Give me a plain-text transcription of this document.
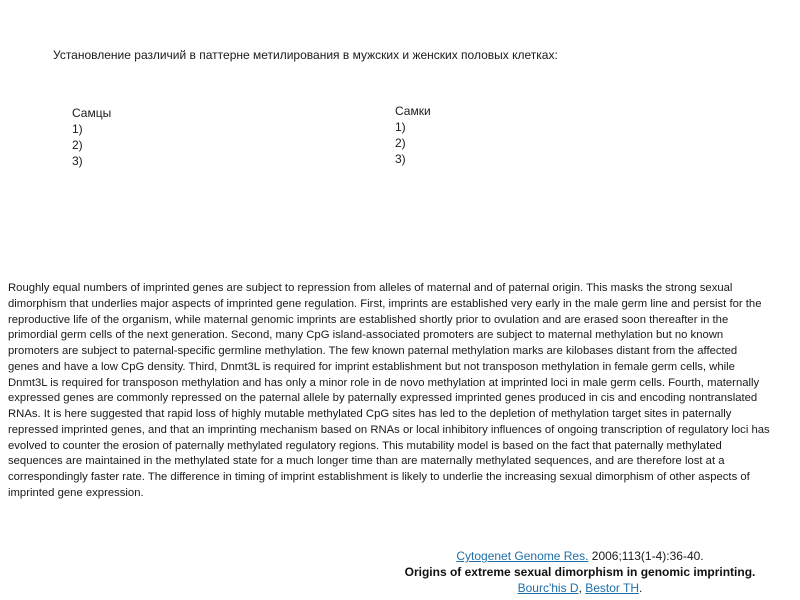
Установление различий в паттерне метилирования в мужских и женских половых клетках:
Самцы
1)
2)
3)
Самки
1)
2)
3)
Roughly equal numbers of imprinted genes are subject to repression from alleles of maternal and of paternal origin. This masks the strong sexual dimorphism that underlies major aspects of imprinted gene regulation. First, imprints are established very early in the male germ line and persist for the reproductive life of the organism, while maternal genomic imprints are established shortly prior to ovulation and are erased soon thereafter in the primordial germ cells of the next generation. Second, many CpG island-associated promoters are subject to maternal methylation but no known promoters are subject to paternal-specific germline methylation. The few known paternal methylation marks are kilobases distant from the affected genes and have a low CpG density. Third, Dnmt3L is required for imprint establishment but not transposon methylation in female germ cells, while Dnmt3L is required for transposon methylation and has only a minor role in de novo methylation at imprinted loci in male germ cells. Fourth, maternally expressed genes are commonly repressed on the paternal allele by paternally expressed imprinted genes produced in cis and encoding nontranslated RNAs. It is here suggested that rapid loss of highly mutable methylated CpG sites has led to the depletion of methylation target sites in paternally repressed imprinted genes, and that an imprinting mechanism based on RNAs or local inhibitory influences of ongoing transcription of regulatory loci has evolved to counter the erosion of paternally methylated regulatory regions. This mutability model is based on the fact that paternally methylated sequences are maintained in the methylated state for a much longer time than are maternally methylated sequences, and are therefore lost at a correspondingly faster rate. The difference in timing of imprint establishment is likely to underlie the increasing sexual dimorphism of other aspects of imprinted gene expression.
Cytogenet Genome Res. 2006;113(1-4):36-40.
Origins of extreme sexual dimorphism in genomic imprinting.
Bourc'his D, Bestor TH.
